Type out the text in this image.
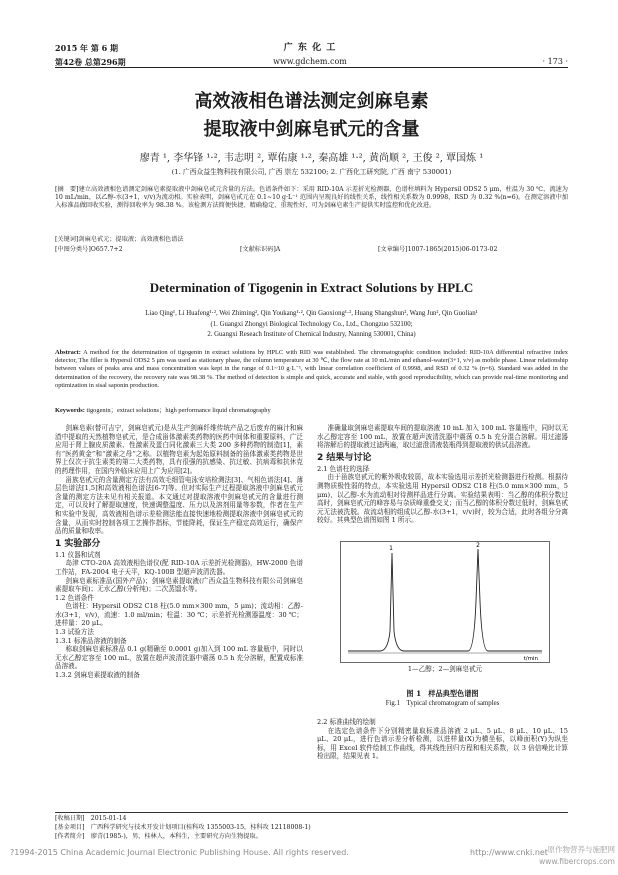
2015 年 第 6 期
第42卷 总第296期
广 东 化 工
www.gdchem.com	· 173 ·
高效液相色谱法测定剑麻皂素
提取液中剑麻皂甙元的含量
廖青 ¹, 李华锋 ¹·², 韦志明 ², 覃佑康 ¹·², 秦高雄 ¹·², 黄尚顺 ², 王俊 ², 覃国炼 ¹
(1. 广西众益生物科技有限公司, 广西 崇左 532100; 2. 广西化工研究院, 广西 南宁 530001)
[摘　要]建立高效液相色谱测定剑麻皂素提取液中剑麻皂甙元含量的方法。色谱条件如下：采用 RID-10A 示差折光检测器，色谱柱填料为 Hypersil ODS2 5 μm，柱温为 30 ℃，流速为 10 mL/min，以乙醇-水(3+1，v/v)为流动相。实验表明，剑麻皂甙元在 0.1~10 g·L⁻¹ 范围内呈现良好的线性关系，线性相关系数为 0.9998，RSD 为 0.32 %(n=6)。在测定溶液中加入标准品做回收实验，测得回收率为 98.38 %。该检测方法简便快捷、精确稳定、重现性好，可为剑麻皂素生产提供实时监控和优化改进。
[关键词]剑麻皂甙元；提取液；高效液相色谱法
[中图分类号]O657.7+2	[文献标识码]A	[文章编号]1007-1865(2015)06-0173-02
Determination of Tigogenin in Extract Solutions by HPLC
Liao Qing¹, Li Huafeng¹·², Wei Zhiming², Qin Youkang¹·², Qin Gaoxiong¹·², Huang Shangshun², Wang Jun², Qin Guolian¹
(1. Guangxi Zhongyi Biological Technology Co., Ltd., Chongzuo 532100;
2. Guangxi Reseach Institute of Chemical Industry, Nanning 530001, China)
Abstract: A method for the determination of tigogenin in extract solutions by HPLC with RID was established. The chromatographic condition included: RID-10A differential refractive index detector, The filler is Hypersil ODS2 5 μm was used as stationary phase, the column temperature at 30 ℃, the flow rate at 10 mL/min and ethanol-water(3+1, v/v) as mobile phase. Linear relationship between values of peaks area and mass concentration was kept in the range of 0.1~10 g·L⁻¹, with linear correlation coefficient of 0.9998, and RSD of 0.32 % (n=6). Standard was added in the determination of the recovery, the recovery rate was 98.38 %. The method of detection is simple and quick, accurate and stable, with good reproducibility, which can provide real-time monitoring and optimization in sisal saponin production.
Keywords: tigogenin；extract solutions；high performance liquid chromatography

剑麻皂素(替可吉宁，剑麻皂甙元)是从生产剑麻纤维传统产品之后废弃的麻汁和麻渣中提取的天然植物皂甙元，是合成甾体激素类药物的医药中间体和重要原料，广泛应用于肾上腺皮质激素、性激素及蛋白同化激素三大类 200 多种药物的制造[1]，素有“医药黄金”和“激素之母”之称。以植物皂素为起始原料制备的甾体激素类药物是世界上仅次于抗生素类的第二大类药物，具有很强的抗感染、抗过敏、抗病毒和抗休克的药理作用，在国内外临床应用上广为应用[2]。

甾族皂甙元的含量测定方法有高效毛细管电泳安培检测法[3]、气相色谱法[4]、薄层色谱法[1,5]和高效液相色谱法[6-7]等。但对实际生产过程提取溶液中剑麻皂甙元含量的测定方法未见有相关报道。本文通过对提取溶液中剑麻皂甙元的含量进行测定，可以及时了解提取速度，快速调整温度、压力以及溶剂用量等参数，作者在生产和实验中发现，高效液相色谱示差检测法能直接快速地检测提取溶液中剑麻皂甙元的含量，从而实时控制各项工艺操作指标，节能降耗，保证生产稳定高效运行，确保产品的质量和收率。

1 实验部分

1.1 仪器和试剂

岛津 CTO-20A 高效液相色谱仪(配 RID-10A 示差折光检测器)，HW-2000 色谱工作站，FA-2004 电子天平，KQ-100B 型超声波清洗器。

剑麻皂素标准品(国外产品)；剑麻皂素提取液(广西众益生物科技有限公司剑麻皂素提取车间)；无水乙醇(分析纯)；二次蒸馏水等。

1.2 色谱条件

色谱柱：Hypersil ODS2 C18 柱(5.0 mm×300 mm，5 μm)；流动相：乙醇-水(3+1，v/v)，流速：1.0 ml/min；柱温：30 ℃；示差折光检测器温度：30 ℃；进样量：20 μL。

1.3 试验方法

1.3.1 标准品溶液的制备

称取剑麻皂素标准品 0.1 g(精确至 0.0001 g)加入到 100 mL 容量瓶中，同时以无水乙醇定容至 100 mL，放置在超声波清洗器中震荡 0.5 h 充分溶解，配置成标准品溶液。

1.3.2 剑麻皂素提取液的制备

准确量取剑麻皂素提取车间的提取溶液 10 mL 加入 100 mL 容量瓶中，同时以无水乙醇定容至 100 mL，放置在超声波清洗器中震荡 0.5 h 充分混合溶解。用过滤器将溶解后的提取液过滤两遍，取过滤澄清液装瓶得到提取液的供试品溶液。

2 结果与讨论

2.1 色谱柱的选择

由于甾族皂甙元的紫外吸收较弱，故本实验选用示差折光检测器进行检测。根据待测物质极性弱的特点，本实验选用 Hypersil ODS2 C18 柱(5.0 mm×300 mm，5 μm)，以乙醇-水为流动相对待测样品进行分离。实验结果表明：当乙醇的体积分数过高时，剑麻皂甙元的峰容易与杂质峰重叠交叉；而当乙醇的体积分数过低时，剑麻皂甙元无法被洗脱。故流动相的组成以乙醇-水(3+1，v/v)时，较为合适，此时各组分分离较好。其典型色谱图如图 1 所示。

1	2
t/min
1—乙醇；2—剑麻皂甙元
图 1　样品典型色谱图
Fig.1　Typical chromatogram of samples

2.2 标准曲线的绘制

在选定色谱条件下分别精密量取标准品溶液 2 μL、5 μL、8 μL、10 μL、15 μL、20 μL，进行色谱示差分析检测，以进样量(X)为横坐标，以峰面积(Y)为纵坐标，用 Excel 软件绘制工作曲线，得其线性回归方程和相关系数，以 3 倍信噪比计算检出限，结果见表 1。

[收稿日期]　2015-01-14
[基金项目]　广西科学研究与技术开发计划项目(桂科攻 1355003-15，桂科攻 12118008-1)
[作者简介]　廖青(1985-)，男，桂林人，本科生，主要研究方向生物提取。
?1994-2015 China Academic Journal Electronic Publishing House. All rights reserved.	http://www.cnki.net 原作物营养与施肥网
www.fibercrops.com
